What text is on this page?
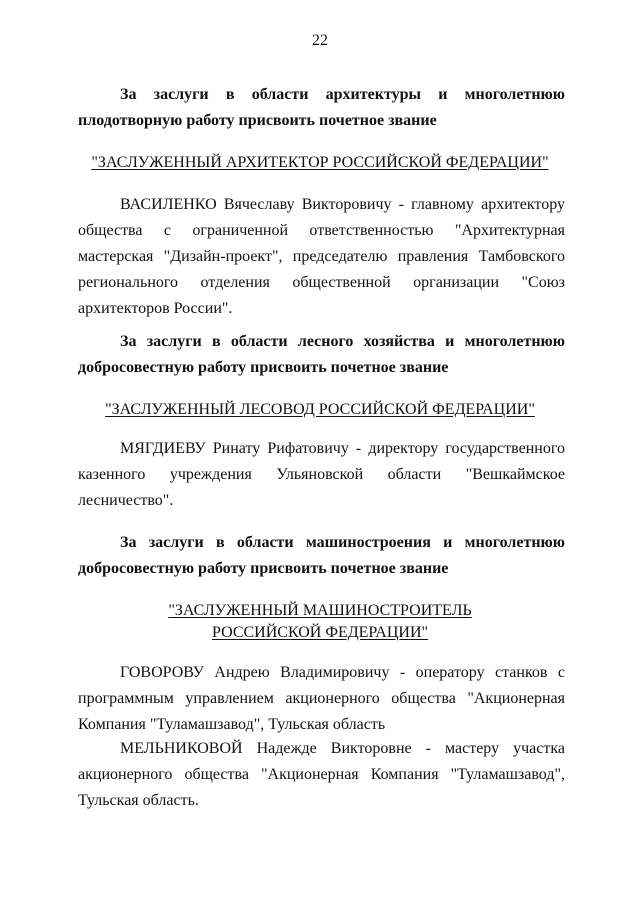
22
За заслуги в области архитектуры и многолетнюю плодотворную работу присвоить почетное звание
"ЗАСЛУЖЕННЫЙ АРХИТЕКТОР РОССИЙСКОЙ ФЕДЕРАЦИИ"
ВАСИЛЕНКО Вячеславу Викторовичу - главному архитектору общества с ограниченной ответственностью "Архитектурная мастерская "Дизайн-проект", председателю правления Тамбовского регионального отделения общественной организации "Союз архитекторов России".
За заслуги в области лесного хозяйства и многолетнюю добросовестную работу присвоить почетное звание
"ЗАСЛУЖЕННЫЙ ЛЕСОВОД РОССИЙСКОЙ ФЕДЕРАЦИИ"
МЯГДИЕВУ Ринату Рифатовичу - директору государственного казенного учреждения Ульяновской области "Вешкаймское лесничество".
За заслуги в области машиностроения и многолетнюю добросовестную работу присвоить почетное звание
"ЗАСЛУЖЕННЫЙ МАШИНОСТРОИТЕЛЬ
РОССИЙСКОЙ ФЕДЕРАЦИИ"
ГОВОРОВУ Андрею Владимировичу - оператору станков с программным управлением акционерного общества "Акционерная Компания "Туламашзавод", Тульская область
МЕЛЬНИКОВОЙ Надежде Викторовне - мастеру участка акционерного общества "Акционерная Компания "Туламашзавод", Тульская область.
